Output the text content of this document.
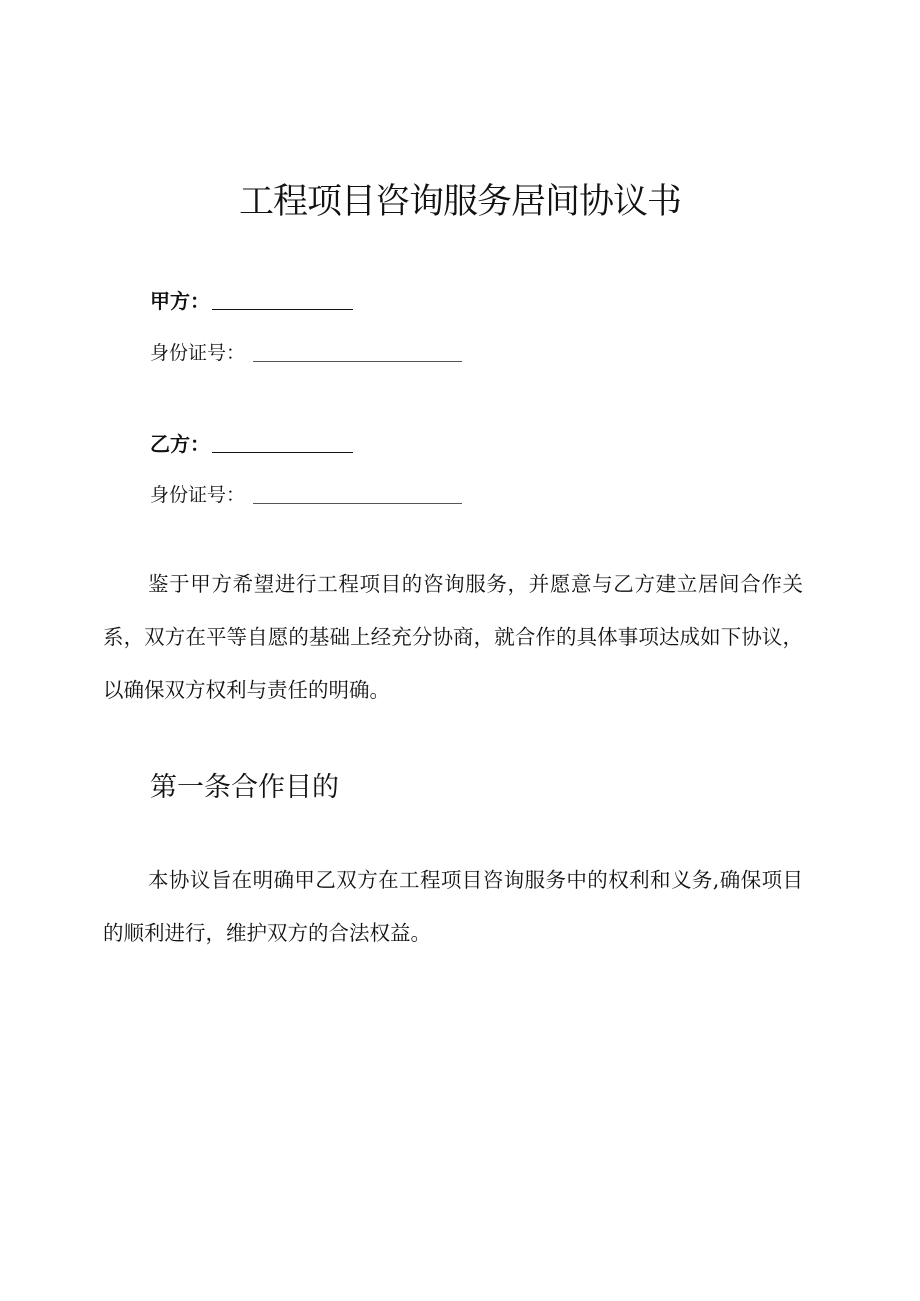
工程项目咨询服务居间协议书
甲方：
身份证号：
乙方：
身份证号：

鉴于甲方希望进行工程项目的咨询服务，并愿意与乙方建立居间合作关系，双方在平等自愿的基础上经充分协商，就合作的具体事项达成如下协议，以确保双方权利与责任的明确。

第一条合作目的

本协议旨在明确甲乙双方在工程项目咨询服务中的权利和义务,确保项目的顺利进行，维护双方的合法权益。
